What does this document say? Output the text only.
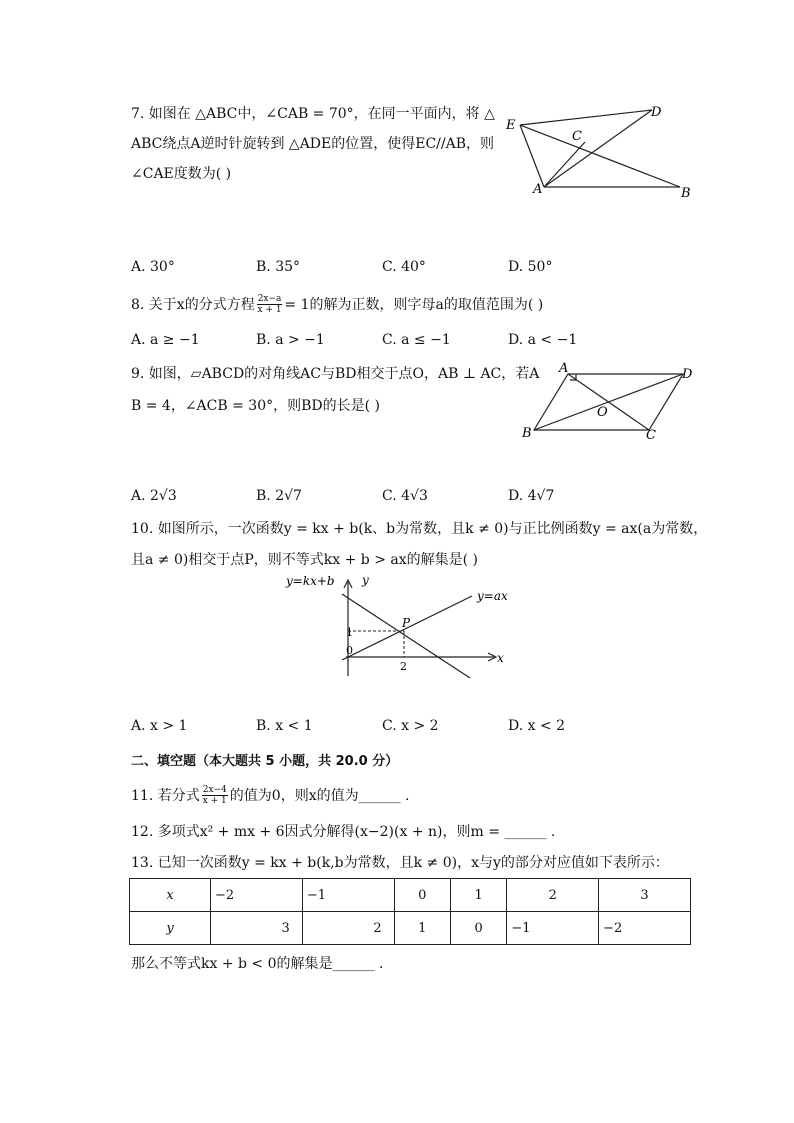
7. 如图在 △ABC中，∠CAB = 70°，在同一平面内，将 △
ABC绕点A逆时针旋转到 △ADE的位置，使得EC//AB，则
∠CAE度数为( )
E
D
C
A	B
A. 30°	B. 35°	C. 40°	D. 50°
8. 关于x的分式方程 $\frac{2x-a}{x + 1} = 1$的解为正数，则字母a的取值范围为( )
A. a ≥ −1	B. a > −1	C. a ≤ −1	D. a < −1
9. 如图，▱ABCD的对角线AC与BD相交于点O，AB ⊥ AC，若A
B = 4，∠ACB = 30°，则BD的长是( )
A	D
O
B	C
A. 2√3	B. 2√7	C. 4√3	D. 4√7
10. 如图所示，一次函数y = kx + b(k、b为常数，且k ≠ 0)与正比例函数y = ax(a为常数，
且a ≠ 0)相交于点P，则不等式kx + b > ax的解集是( )
y=kx+b
y=ax
y
x
P
0
1
2
A. x > 1	B. x < 1	C. x > 2	D. x < 2
二、填空题（本大题共 5 小题，共 20.0 分）
11. 若分式 $\frac{2x-4}{x + 1}$ 的值为0，则x的值为______ .
12. 多项式x² + mx + 6因式分解得(x−2)(x + n)，则m = ______ .
13. 已知一次函数y = kx + b(k,b为常数，且k ≠ 0)，x与y的部分对应值如下表所示：
x	−2	−1	0	1	2	3
y	3	2	1	0	−1	−2
那么不等式kx + b < 0的解集是______ .
